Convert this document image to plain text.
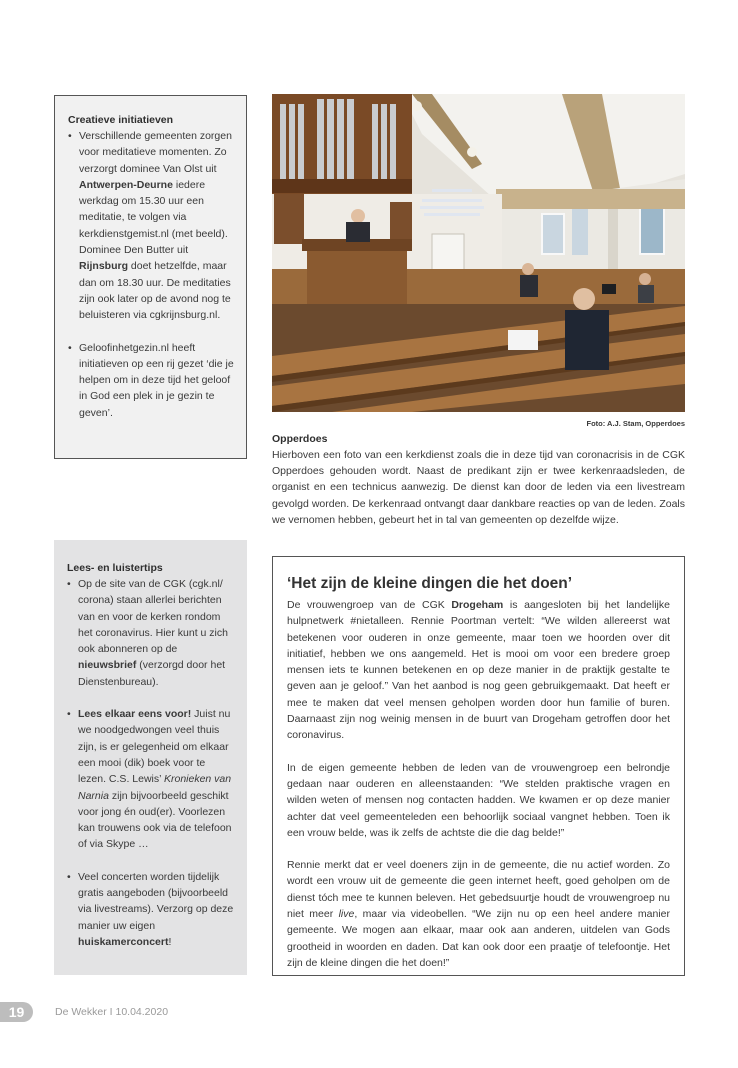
Creatieve initiatieven

• Verschillende gemeenten zorgen voor meditatieve momenten. Zo verzorgt dominee Van Olst uit Antwerpen-Deurne iedere werkdag om 15.30 uur een meditatie, te volgen via kerkdienstgemist.nl (met beeld). Dominee Den Butter uit Rijnsburg doet hetzelfde, maar dan om 18.30 uur. De meditaties zijn ook later op de avond nog te beluisteren via cgkrijnsburg.nl.
• Geloofinhetgezin.nl heeft initiatieven op een rij gezet ‘die je helpen om in deze tijd het geloof in God een plek in je gezin te geven’.

Lees- en luistertips

• Op de site van de CGK (cgk.nl/ corona) staan allerlei berichten van en voor de kerken rondom het coronavirus. Hier kunt u zich ook abonneren op de nieuwsbrief (verzorgd door het Dienstenbureau).
• Lees elkaar eens voor! Juist nu we noodgedwongen veel thuis zijn, is er gelegenheid om elkaar een mooi (dik) boek voor te lezen. C.S. Lewis’ Kronieken van Narnia zijn bijvoorbeeld geschikt voor jong én oud(er). Voorlezen kan trouwens ook via de telefoon of via Skype …
• Veel concerten worden tijdelijk gratis aangeboden (bijvoorbeeld via livestreams). Verzorg op deze manier uw eigen huiskamerconcert!
Foto: A.J. Stam, Opperdoes
Opperdoes

Hierboven een foto van een kerkdienst zoals die in deze tijd van coronacrisis in de CGK Opperdoes gehouden wordt. Naast de predikant zijn er twee kerkenraadsleden, de organist en een technicus aanwezig. De dienst kan door de leden via een livestream gevolgd worden. De kerkenraad ontvangt daar dankbare reacties op van de leden. Zoals we vernomen hebben, gebeurt het in tal van gemeenten op dezelfde wijze.

‘Het zijn de kleine dingen die het doen’

De vrouwengroep van de CGK Drogeham is aangesloten bij het landelijke hulpnetwerk #nietalleen. Rennie Poortman vertelt: “We wilden allereerst wat betekenen voor ouderen in onze gemeente, maar toen we hoorden over dit initiatief, hebben we ons aangemeld. Het is mooi om voor een bredere groep mensen iets te kunnen betekenen en op deze manier in de praktijk gestalte te geven aan je geloof.” Van het aanbod is nog geen gebruikgemaakt. Dat heeft er mee te maken dat veel mensen geholpen worden door hun familie of buren. Daarnaast zijn nog weinig mensen in de buurt van Drogeham getroffen door het coronavirus.

In de eigen gemeente hebben de leden van de vrouwengroep een belrondje gedaan naar ouderen en alleenstaanden: “We stelden praktische vragen en wilden weten of mensen nog contacten hadden. We kwamen er op deze manier achter dat veel gemeenteleden een behoorlijk sociaal vangnet hebben. Toen ik een vrouw belde, was ik zelfs de achtste die die dag belde!”

Rennie merkt dat er veel doeners zijn in de gemeente, die nu actief worden. Zo wordt een vrouw uit de gemeente die geen internet heeft, goed geholpen om de dienst tóch mee te kunnen beleven. Het gebedsuurtje houdt de vrouwengroep nu niet meer live, maar via videobellen. “We zijn nu op een heel andere manier gemeente. We mogen aan elkaar, maar ook aan anderen, uitdelen van Gods grootheid in woorden en daden. Dat kan ook door een praatje of telefoontje. Het zijn de kleine dingen die het doen!”

19	De Wekker I 10.04.2020
